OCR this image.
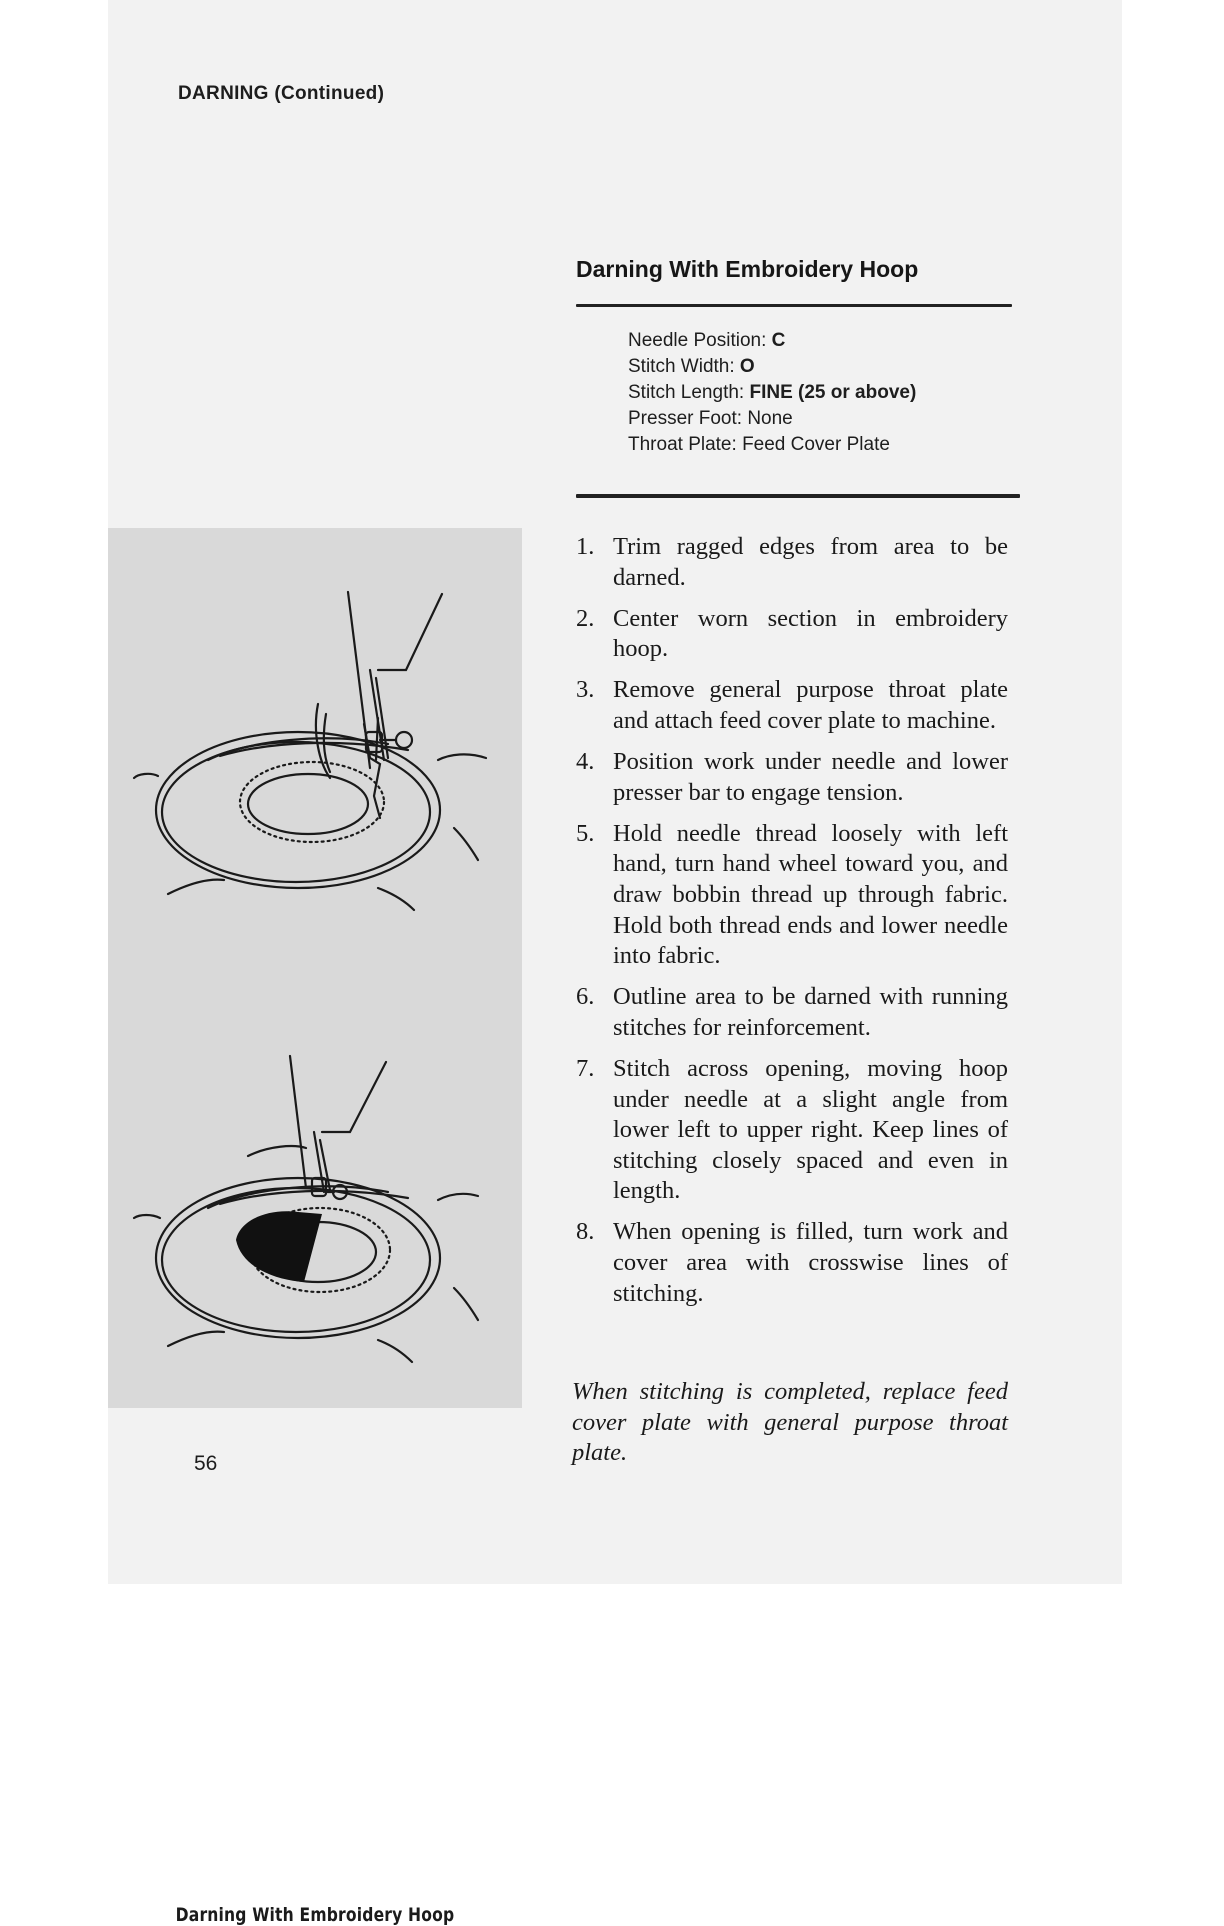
DARNING (Continued)
Darning With Embroidery Hoop
Needle Position: C
Stitch Width: O
Stitch Length: FINE (25 or above)
Presser Foot: None
Throat Plate: Feed Cover Plate
1. Trim ragged edges from area to be darned.
2. Center worn section in embroidery hoop.
3. Remove general purpose throat plate and attach feed cover plate to machine.
4. Position work under needle and lower presser bar to engage tension.
5. Hold needle thread loosely with left hand, turn hand wheel toward you, and draw bobbin thread up through fabric. Hold both thread ends and lower needle into fabric.
6. Outline area to be darned with running stitches for reinforcement.
7. Stitch across opening, moving hoop under needle at a slight angle from lower left to upper right. Keep lines of stitching closely spaced and even in length.
8. When opening is filled, turn work and cover area with crosswise lines of stitching.
When stitching is completed, replace feed cover plate with general purpose throat plate.
Darning With Embroidery Hoop
56
